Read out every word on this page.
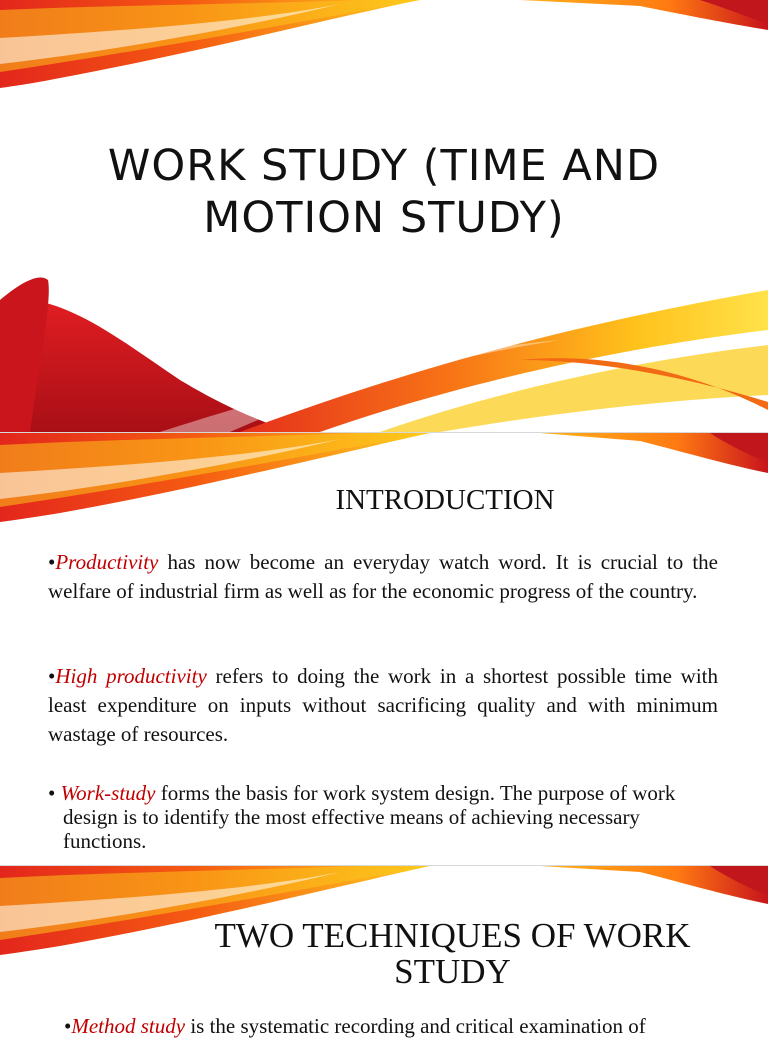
WORK STUDY (TIME AND MOTION STUDY)
INTRODUCTION
•Productivity has now become an everyday watch word. It is crucial to the welfare of industrial firm as well as for the economic progress of the country.
•High productivity refers to doing the work in a shortest possible time with least expenditure on inputs without sacrificing quality and with minimum wastage of resources.
• Work-study forms the basis for work system design. The purpose of work design is to identify the most effective means of achieving necessary functions.
TWO TECHNIQUES OF WORK STUDY
•Method study is the systematic recording and critical examination of
